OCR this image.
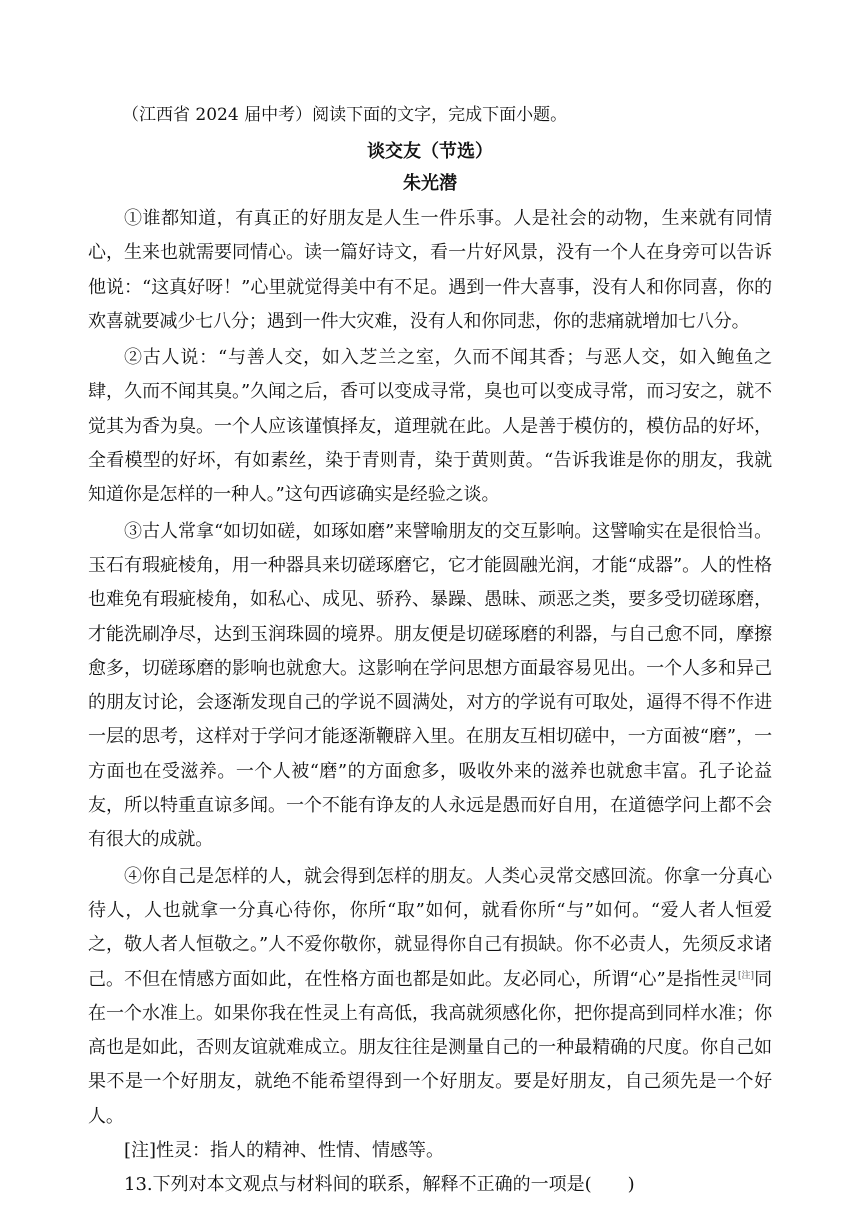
（江西省 2024 届中考）阅读下面的文字，完成下面小题。

谈交友（节选）
朱光潜

①谁都知道，有真正的好朋友是人生一件乐事。人是社会的动物，生来就有同情心，生来也就需要同情心。读一篇好诗文，看一片好风景，没有一个人在身旁可以告诉他说：“这真好呀！”心里就觉得美中有不足。遇到一件大喜事，没有人和你同喜，你的欢喜就要减少七八分；遇到一件大灾难，没有人和你同悲，你的悲痛就增加七八分。

②古人说：“与善人交，如入芝兰之室，久而不闻其香；与恶人交，如入鲍鱼之肆，久而不闻其臭。”久闻之后，香可以变成寻常，臭也可以变成寻常，而习安之，就不觉其为香为臭。一个人应该谨慎择友，道理就在此。人是善于模仿的，模仿品的好坏，全看模型的好坏，有如素丝，染于青则青，染于黄则黄。“告诉我谁是你的朋友，我就知道你是怎样的一种人。”这句西谚确实是经验之谈。

③古人常拿“如切如磋，如琢如磨”来譬喻朋友的交互影响。这譬喻实在是很恰当。玉石有瑕疵棱角，用一种器具来切磋琢磨它，它才能圆融光润，才能“成器”。人的性格也难免有瑕疵棱角，如私心、成见、骄矜、暴躁、愚昧、顽恶之类，要多受切磋琢磨，才能洗刷净尽，达到玉润珠圆的境界。朋友便是切磋琢磨的利器，与自己愈不同，摩擦愈多，切磋琢磨的影响也就愈大。这影响在学问思想方面最容易见出。一个人多和异己的朋友讨论，会逐渐发现自己的学说不圆满处，对方的学说有可取处，逼得不得不作进一层的思考，这样对于学问才能逐渐鞭辟入里。在朋友互相切磋中，一方面被“磨”，一方面也在受滋养。一个人被“磨”的方面愈多，吸收外来的滋养也就愈丰富。孔子论益友，所以特重直谅多闻。一个不能有诤友的人永远是愚而好自用，在道德学问上都不会有很大的成就。

④你自己是怎样的人，就会得到怎样的朋友。人类心灵常交感回流。你拿一分真心待人，人也就拿一分真心待你，你所“取”如何，就看你所“与”如何。“爱人者人恒爱之，敬人者人恒敬之。”人不爱你敬你，就显得你自己有损缺。你不必责人，先须反求诸己。不但在情感方面如此，在性格方面也都是如此。友必同心，所谓“心”是指性灵[注]同在一个水准上。如果你我在性灵上有高低，我高就须感化你，把你提高到同样水准；你高也是如此，否则友谊就难成立。朋友往往是测量自己的一种最精确的尺度。你自己如果不是一个好朋友，就绝不能希望得到一个好朋友。要是好朋友，自己须先是一个好人。

[注]性灵：指人的精神、性情、情感等。

13.下列对本文观点与材料间的联系，解释不正确的一项是(　　)
